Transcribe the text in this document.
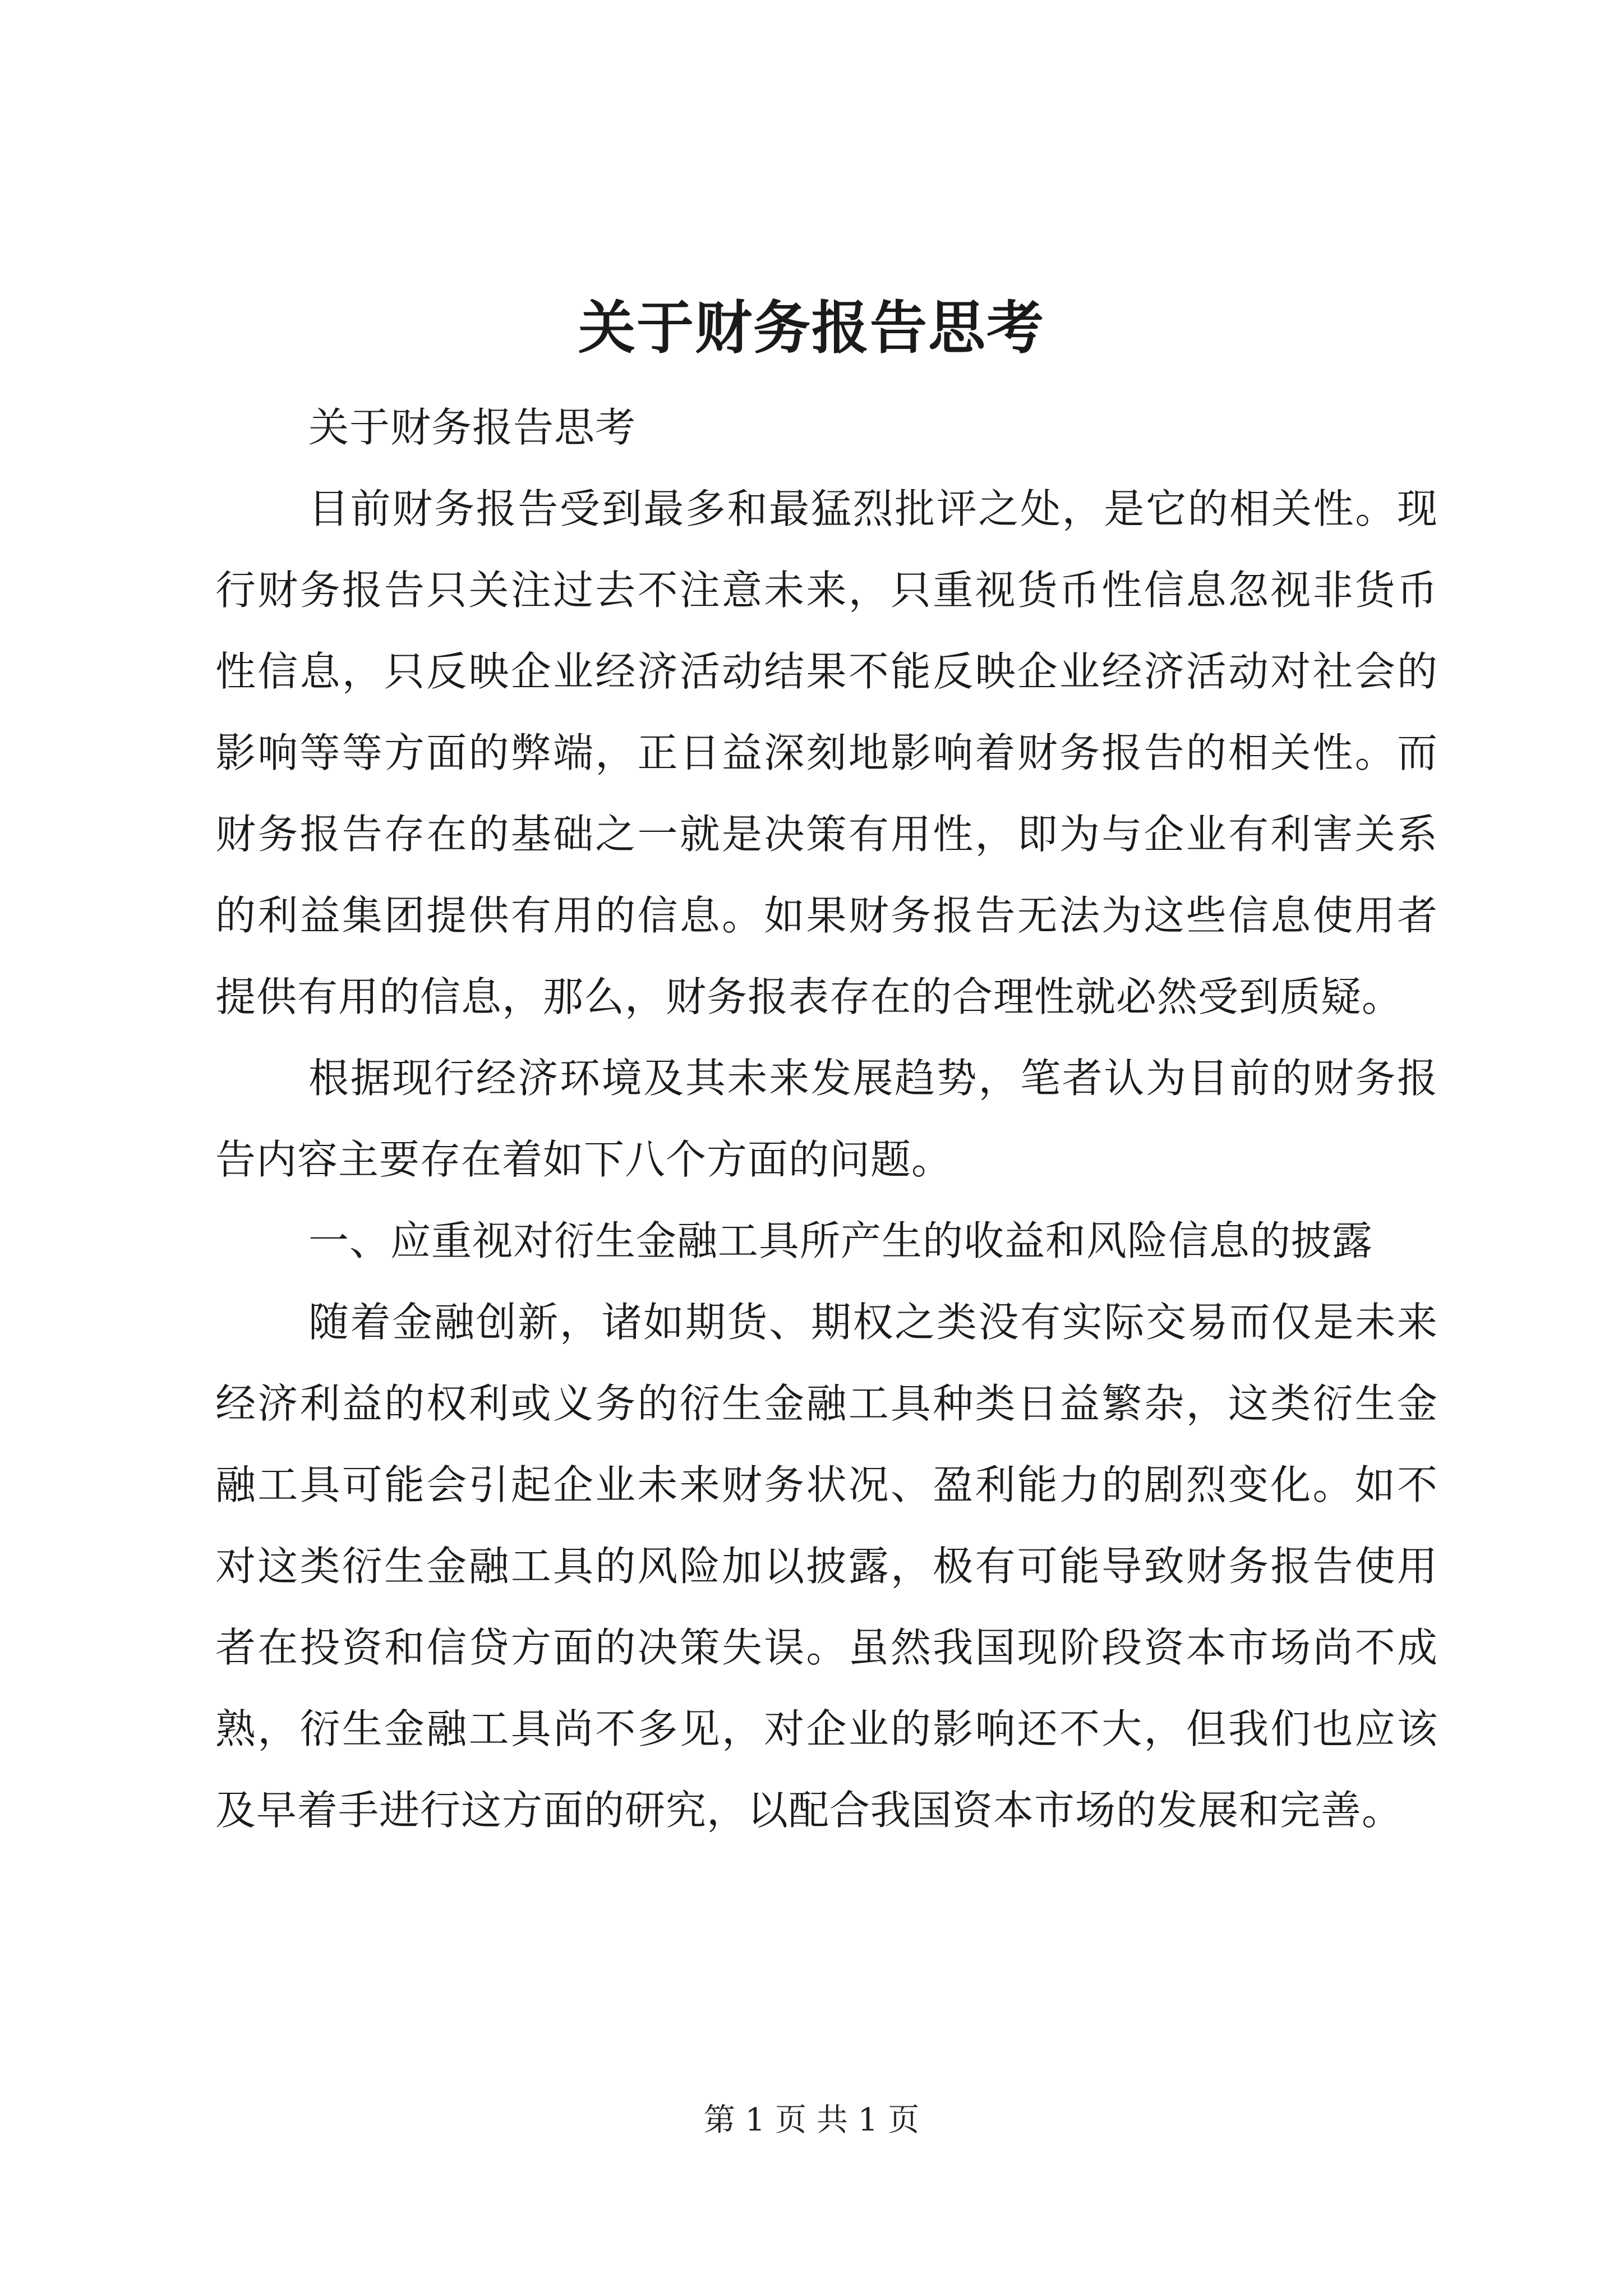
关于财务报告思考

关于财务报告思考

目前财务报告受到最多和最猛烈批评之处，是它的相关性。现行财务报告只关注过去不注意未来，只重视货币性信息忽视非货币性信息，只反映企业经济活动结果不能反映企业经济活动对社会的影响等等方面的弊端，正日益深刻地影响着财务报告的相关性。而财务报告存在的基础之一就是决策有用性，即为与企业有利害关系的利益集团提供有用的信息。如果财务报告无法为这些信息使用者提供有用的信息，那么，财务报表存在的合理性就必然受到质疑。

根据现行经济环境及其未来发展趋势，笔者认为目前的财务报告内容主要存在着如下八个方面的问题。

一、应重视对衍生金融工具所产生的收益和风险信息的披露

随着金融创新，诸如期货、期权之类没有实际交易而仅是未来经济利益的权利或义务的衍生金融工具种类日益繁杂，这类衍生金融工具可能会引起企业未来财务状况、盈利能力的剧烈变化。如不对这类衍生金融工具的风险加以披露，极有可能导致财务报告使用者在投资和信贷方面的决策失误。虽然我国现阶段资本市场尚不成熟，衍生金融工具尚不多见，对企业的影响还不大，但我们也应该及早着手进行这方面的研究，以配合我国资本市场的发展和完善。

第 1 页 共 1 页
